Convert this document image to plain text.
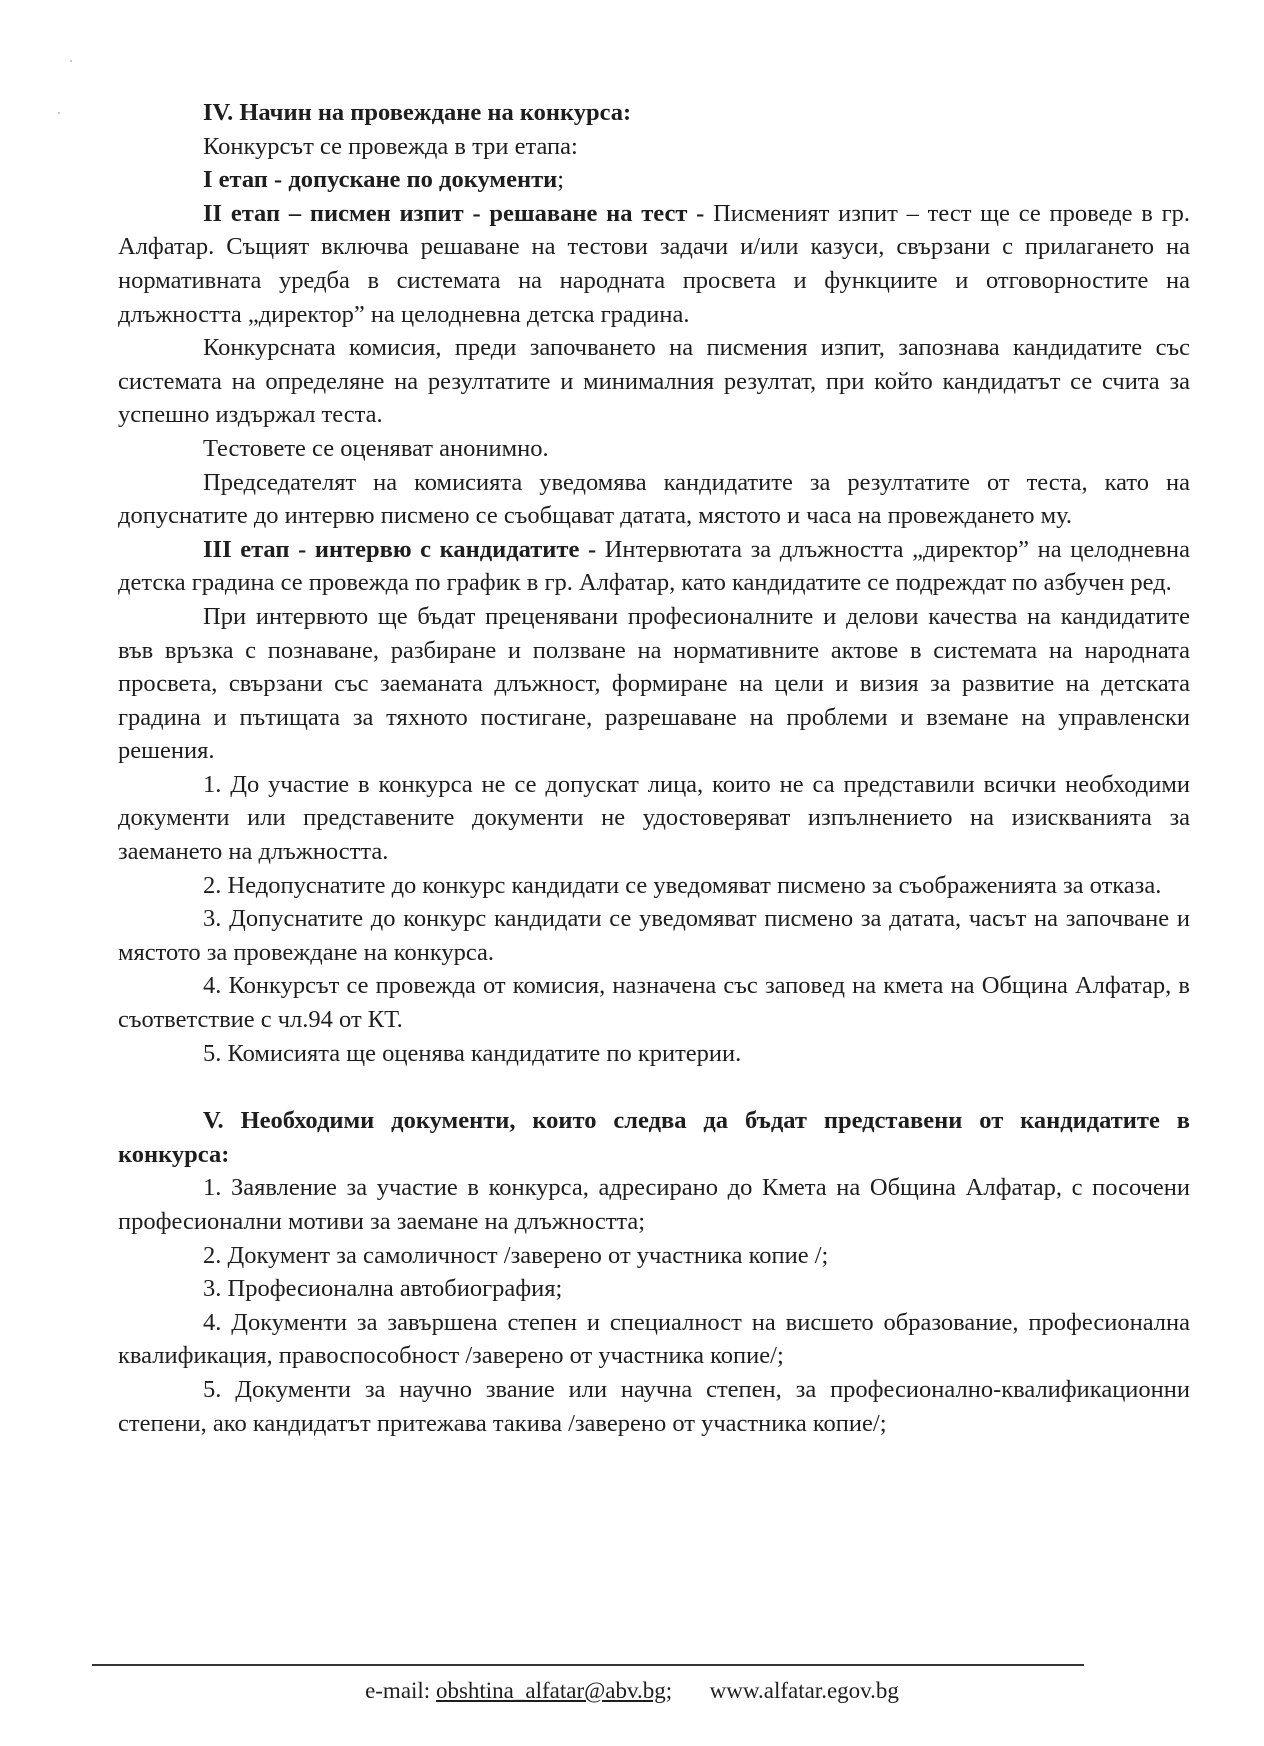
IV. Начин на провеждане на конкурса:

Конкурсът се провежда в три етапа:

I етап - допускане по документи;

II етап – писмен изпит - решаване на тест - Писменият изпит – тест ще се проведе в гр. Алфатар. Същият включва решаване на тестови задачи и/или казуси, свързани с прилагането на нормативната уредба в системата на народната просвета и функциите и отговорностите на длъжността „директор” на целодневна детска градина.

Конкурсната комисия, преди започването на писмения изпит, запознава кандидатите със системата на определяне на резултатите и минималния резултат, при който кандидатът се счита за успешно издържал теста.

Тестовете се оценяват анонимно.

Председателят на комисията уведомява кандидатите за резултатите от теста, като на допуснатите до интервю писмено се съобщават датата, мястото и часа на провеждането му.

III етап - интервю с кандидатите - Интервютата за длъжността „директор” на целодневна детска градина се провежда по график в гр. Алфатар, като кандидатите се подреждат по азбучен ред.

При интервюто ще бъдат преценявани професионалните и делови качества на кандидатите във връзка с познаване, разбиране и ползване на нормативните актове в системата на народната просвета, свързани със заеманата длъжност, формиране на цели и визия за развитие на детската градина и пътищата за тяхното постигане, разрешаване на проблеми и вземане на управленски решения.

1. До участие в конкурса не се допускат лица, които не са представили всички необходими документи или представените документи не удостоверяват изпълнението на изискванията за заемането на длъжността.

2. Недопуснатите до конкурс кандидати се уведомяват писмено за съображенията за отказа.

3. Допуснатите до конкурс кандидати се уведомяват писмено за датата, часът на започване и мястото за провеждане на конкурса.

4. Конкурсът се провежда от комисия, назначена със заповед на кмета на Община Алфатар, в съответствие с чл.94 от КТ.

5. Комисията ще оценява кандидатите по критерии.

V. Необходими документи, които следва да бъдат представени от кандидатите в конкурса:

1. Заявление за участие в конкурса, адресирано до Кмета на Община Алфатар, с посочени професионални мотиви за заемане на длъжността;

2. Документ за самоличност /заверено от участника копие /;

3. Професионална автобиография;

4. Документи за завършена степен и специалност на висшето образование, професионална квалификация, правоспособност /заверено от участника копие/;

5. Документи за научно звание или научна степен, за професионално-квалификационни степени, ако кандидатът притежава такива /заверено от участника копие/;

e-mail: obshtina_alfatar@abv.bg; www.alfatar.egov.bg
